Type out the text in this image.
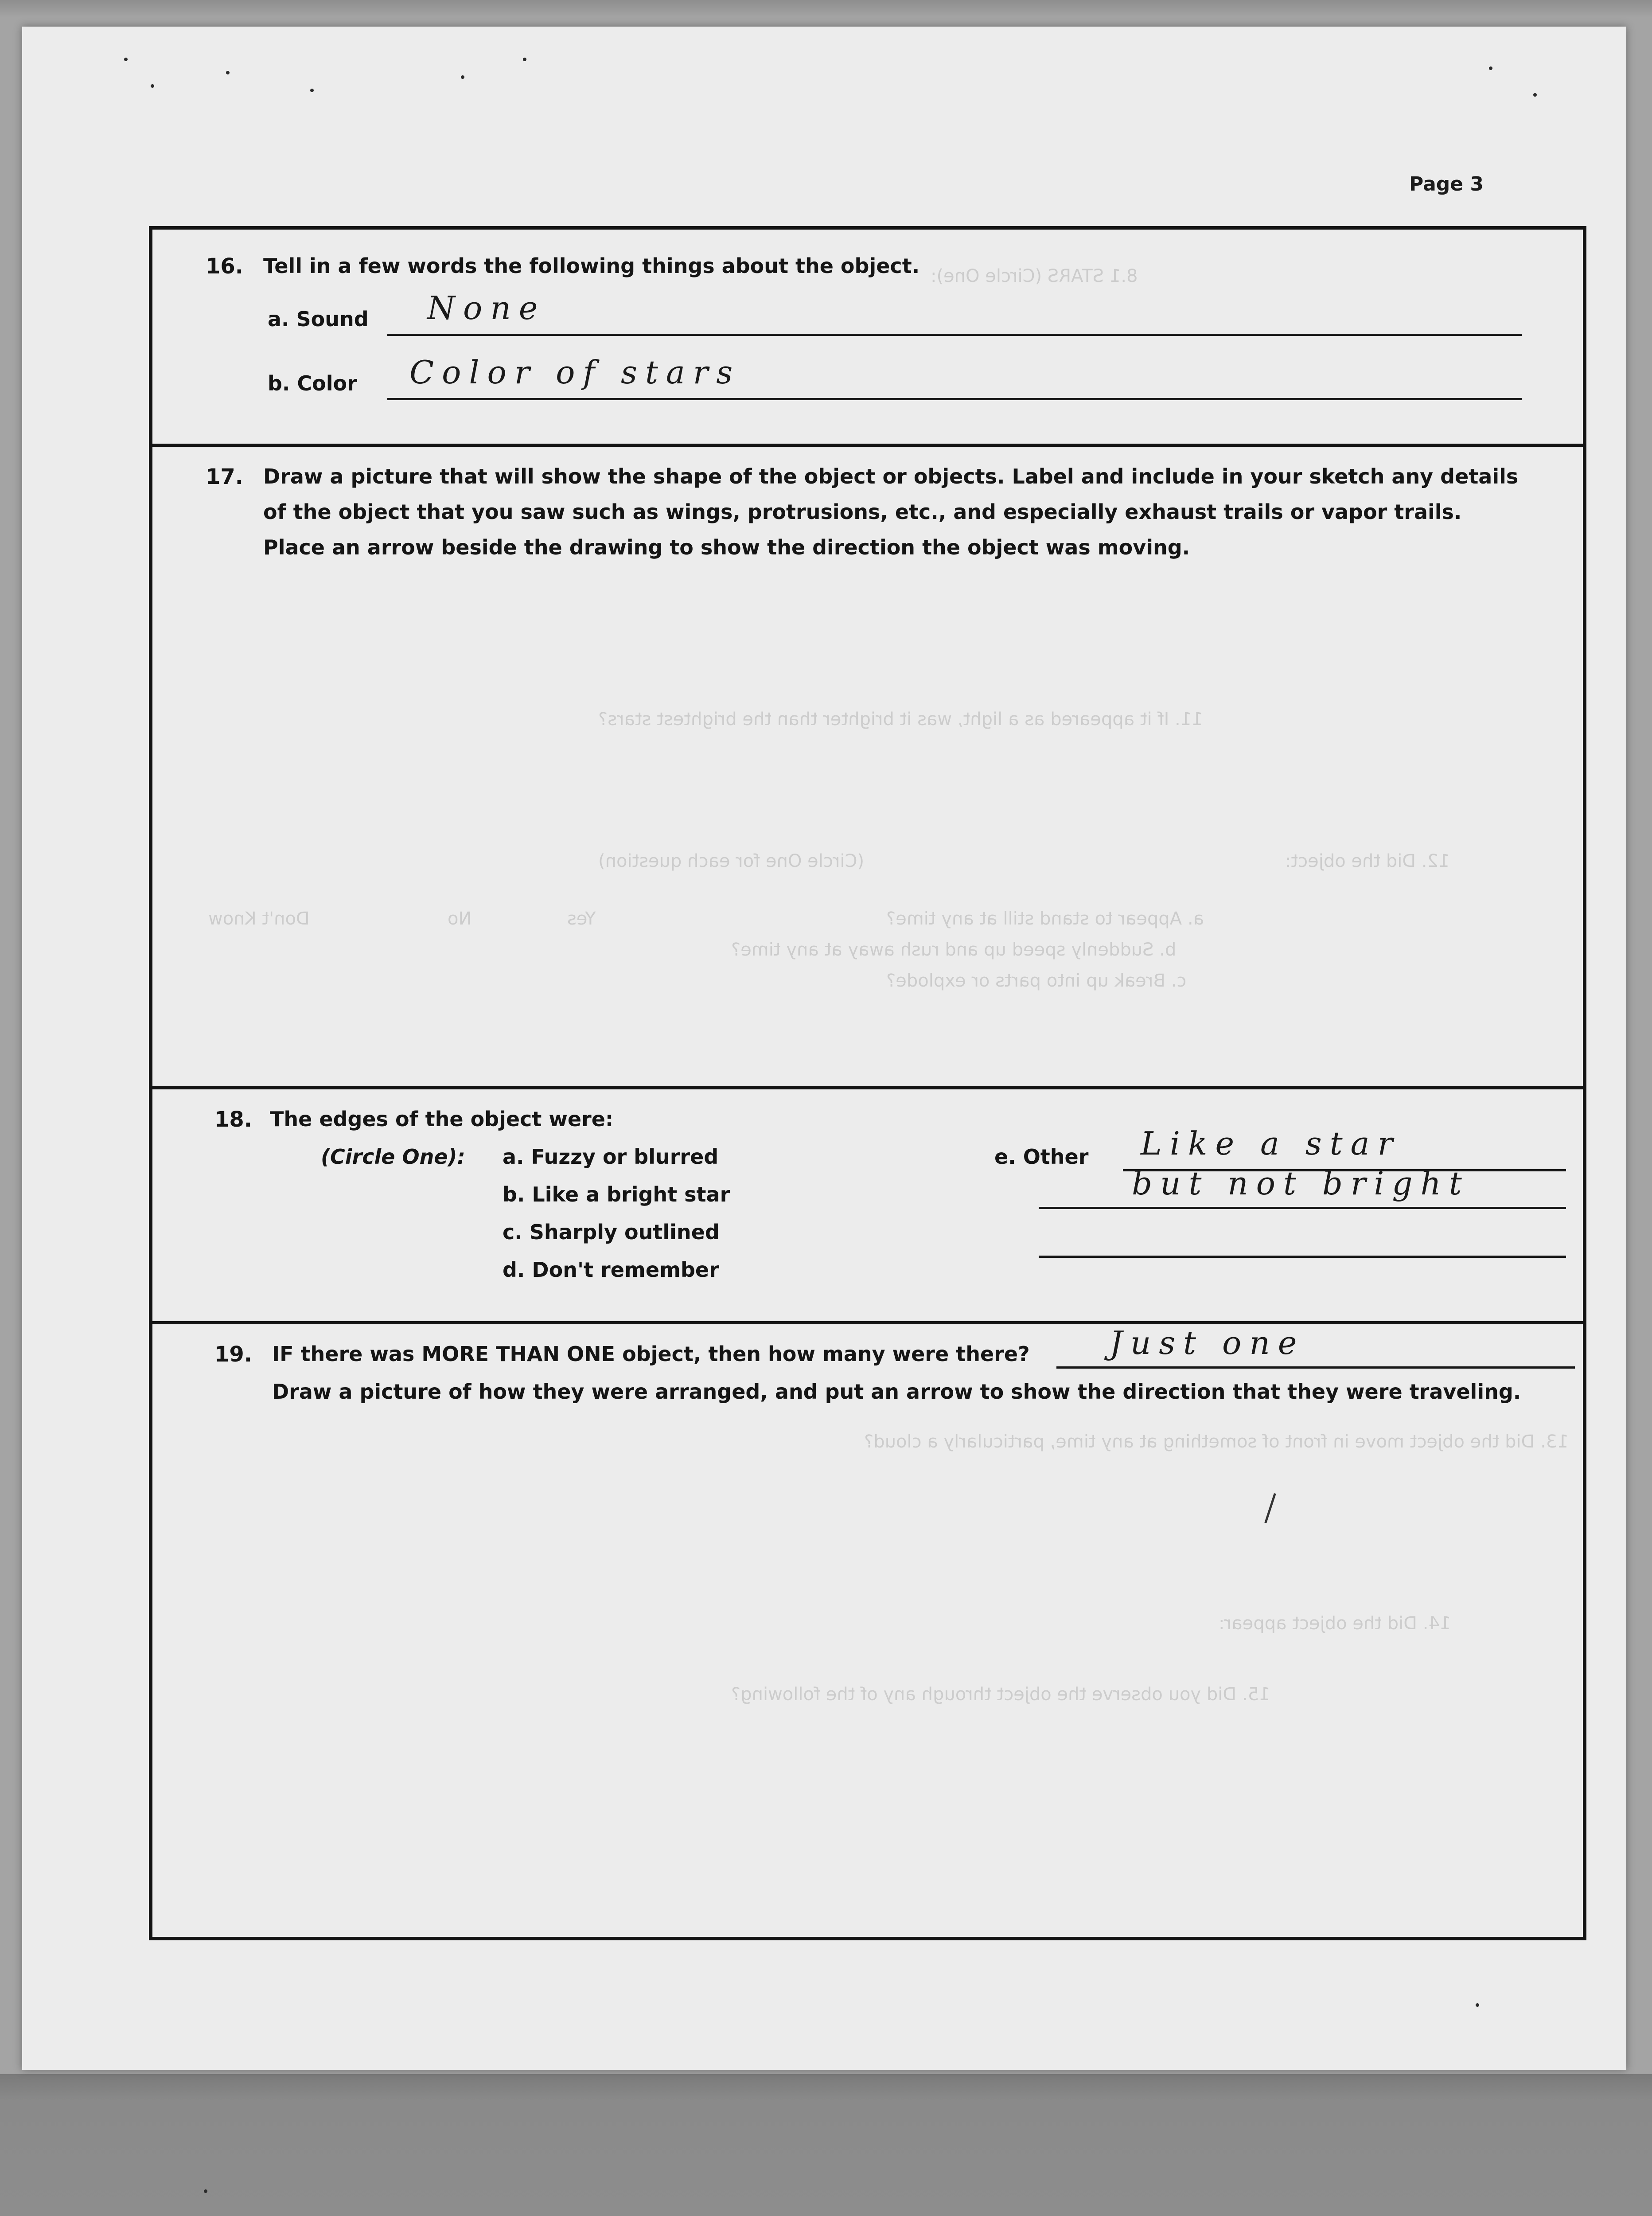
8.1 STARS (Circle One):
11. If it appeared as a light, was it brighter than the brightest stars?
12. Did the object:
(Circle One for each question)
a. Appear to stand still at any time?
b. Suddenly speed up and rush away at any time?
c. Break up into parts or explode?
13. Did the object move in front of something at any time, particularly a cloud?
14. Did the object appear:
15. Did you observe the object through any of the following?
Yes
No
Don't Know
Page 3
16. Tell in a few words the following things about the object.
a. Sound None
b. Color Color of stars
17. Draw a picture that will show the shape of the object or objects. Label and include in your sketch any details
of the object that you saw such as wings, protrusions, etc., and especially exhaust trails or vapor trails.
Place an arrow beside the drawing to show the direction the object was moving.
18. The edges of the object were:
(Circle One): a. Fuzzy or blurred
b. Like a bright star
c. Sharply outlined
d. Don't remember
e. Other Like a star
but not bright
19. IF there was MORE THAN ONE object, then how many were there?	Just one
Draw a picture of how they were arranged, and put an arrow to show the direction that they were traveling.
